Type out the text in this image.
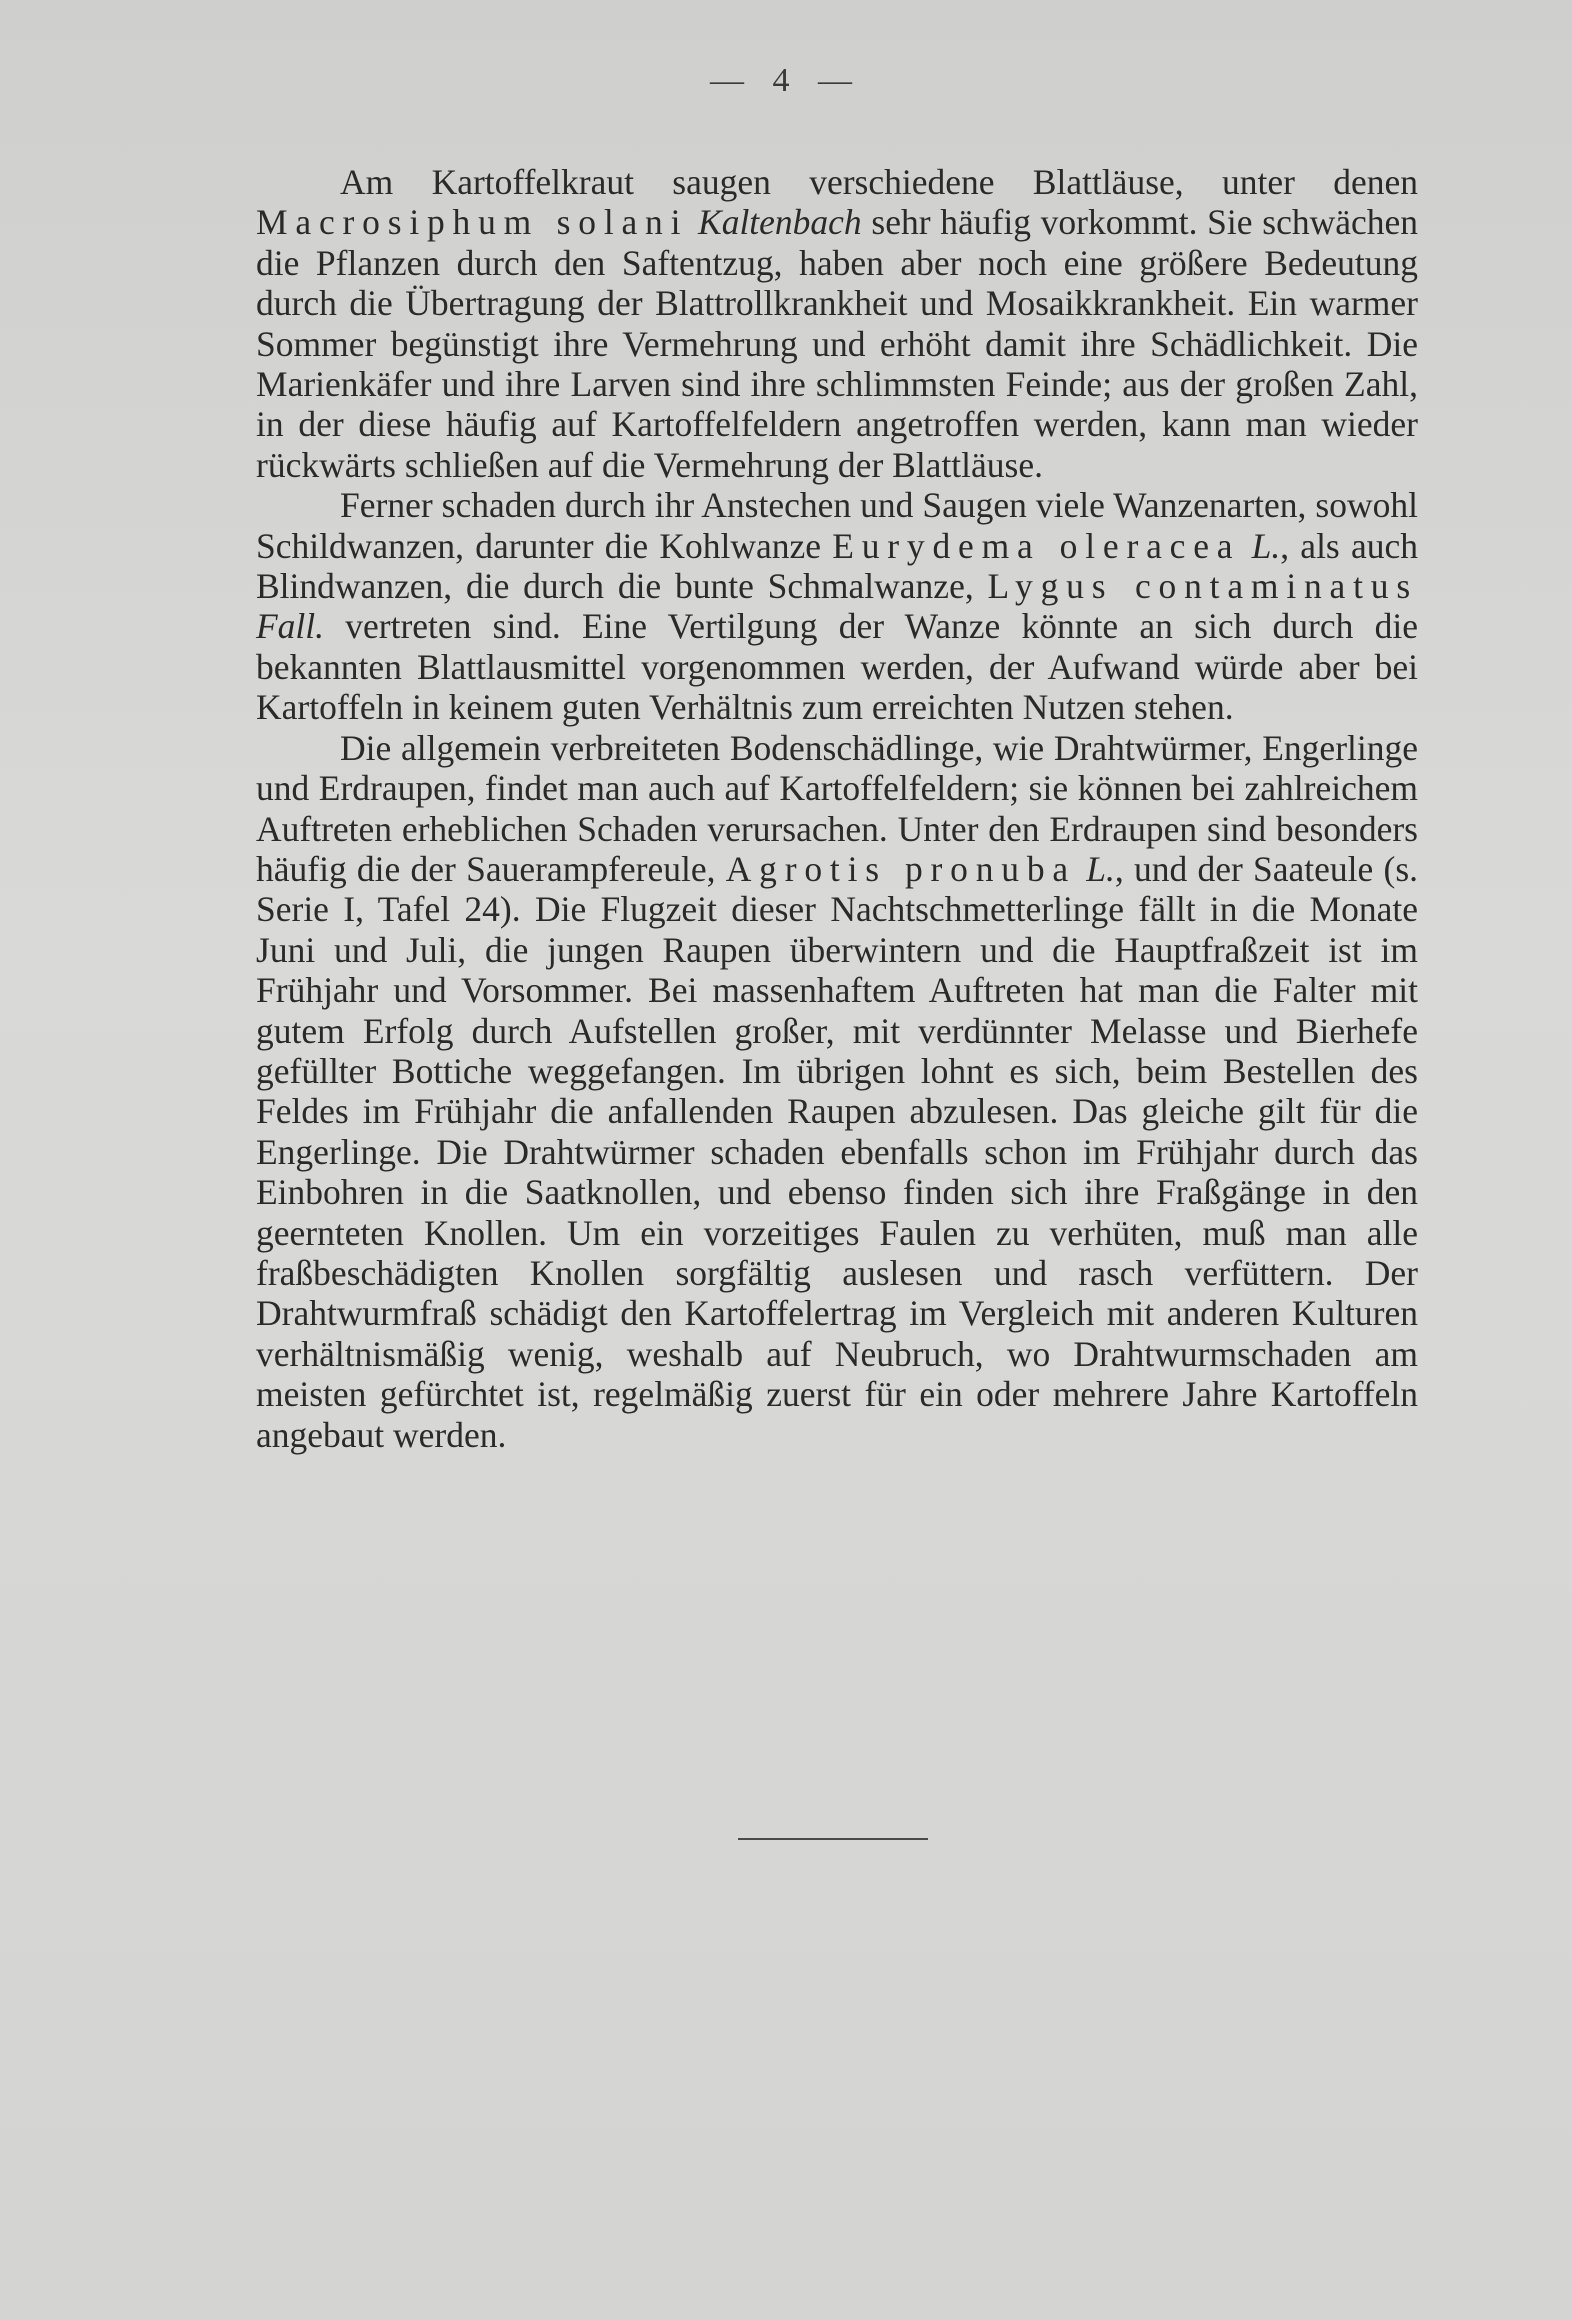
— 4 —

Am Kartoffelkraut saugen verschiedene Blattläuse, unter denen Macrosiphum solani Kaltenbach sehr häufig vorkommt. Sie schwächen die Pflanzen durch den Saftentzug, haben aber noch eine größere Bedeutung durch die Übertragung der Blattrollkrankheit und Mosaikkrankheit. Ein warmer Sommer begünstigt ihre Vermehrung und erhöht damit ihre Schädlichkeit. Die Marienkäfer und ihre Larven sind ihre schlimmsten Feinde; aus der großen Zahl, in der diese häufig auf Kartoffelfeldern angetroffen werden, kann man wieder rückwärts schließen auf die Vermehrung der Blattläuse.

Ferner schaden durch ihr Anstechen und Saugen viele Wanzenarten, sowohl Schildwanzen, darunter die Kohlwanze Eurydema oleracea L., als auch Blindwanzen, die durch die bunte Schmalwanze, Lygus contaminatus Fall. vertreten sind. Eine Vertilgung der Wanze könnte an sich durch die bekannten Blattlausmittel vorgenommen werden, der Aufwand würde aber bei Kartoffeln in keinem guten Verhältnis zum erreichten Nutzen stehen.

Die allgemein verbreiteten Bodenschädlinge, wie Drahtwürmer, Engerlinge und Erdraupen, findet man auch auf Kartoffelfeldern; sie können bei zahlreichem Auftreten erheblichen Schaden verursachen. Unter den Erdraupen sind besonders häufig die der Sauerampfereule, Agrotis pronuba L., und der Saateule (s. Serie I, Tafel 24). Die Flugzeit dieser Nachtschmetterlinge fällt in die Monate Juni und Juli, die jungen Raupen überwintern und die Hauptfraßzeit ist im Frühjahr und Vorsommer. Bei massenhaftem Auftreten hat man die Falter mit gutem Erfolg durch Aufstellen großer, mit verdünnter Melasse und Bierhefe gefüllter Bottiche weggefangen. Im übrigen lohnt es sich, beim Bestellen des Feldes im Frühjahr die anfallenden Raupen abzulesen. Das gleiche gilt für die Engerlinge. Die Drahtwürmer schaden ebenfalls schon im Frühjahr durch das Einbohren in die Saatknollen, und ebenso finden sich ihre Fraßgänge in den geernteten Knollen. Um ein vorzeitiges Faulen zu verhüten, muß man alle fraßbeschädigten Knollen sorgfältig auslesen und rasch verfüttern. Der Drahtwurmfraß schädigt den Kartoffelertrag im Vergleich mit anderen Kulturen verhältnismäßig wenig, weshalb auf Neubruch, wo Drahtwurmschaden am meisten gefürchtet ist, regelmäßig zuerst für ein oder mehrere Jahre Kartoffeln angebaut werden.
